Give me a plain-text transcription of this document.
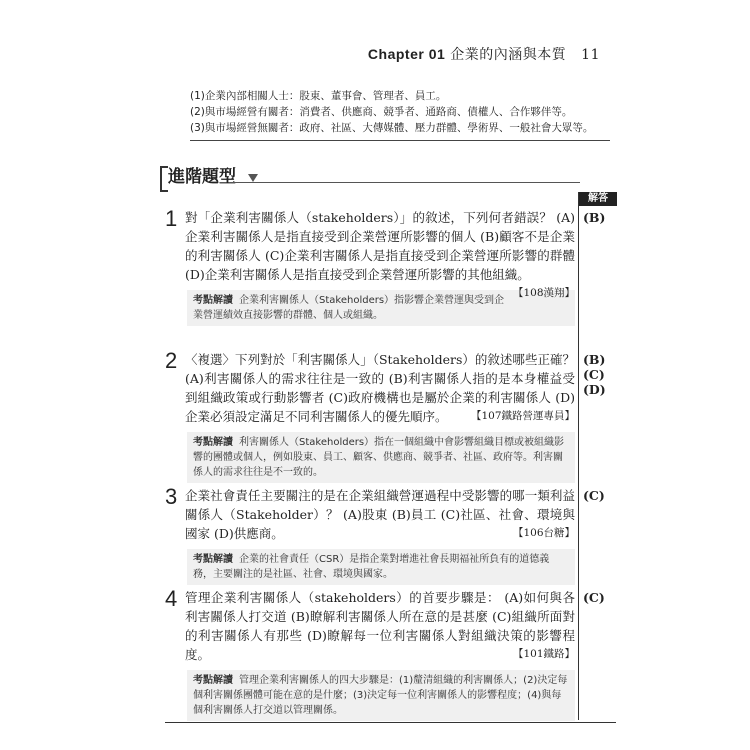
Chapter 01 企業的內涵與本質 11
(1)企業內部相關人士：股東、董事會、管理者、員工。
(2)與市場經營有關者：消費者、供應商、競爭者、通路商、債權人、合作夥伴等。
(3)與市場經營無關者：政府、社區、大傳媒體、壓力群體、學術界、一般社會大眾等。
進階題型
解答
1 對「企業利害關係人（stakeholders）」的敘述，下列何者錯誤？ (A)企業利害關係人是指直接受到企業營運所影響的個人 (B)顧客不是企業的利害關係人 (C)企業利害關係人是指直接受到企業營運所影響的群體 (D)企業利害關係人是指直接受到企業營運所影響的其他組織。
【108漢翔】
考點解讀 企業利害關係人（Stakeholders）指影響企業營運與受到企業營運績效直接影響的群體、個人或組織。
(B)
2 〈複選〉下列對於「利害關係人」（Stakeholders）的敘述哪些正確？ (A)利害關係人的需求往往是一致的 (B)利害關係人指的是本身權益受到組織政策或行動影響者 (C)政府機構也是屬於企業的利害關係人 (D)企業必須設定滿足不同利害關係人的優先順序。 【107鐵路營運專員】
考點解讀 利害關係人（Stakeholders）指在一個組織中會影響組織目標或被組織影響的團體或個人，例如股東、員工、顧客、供應商、競爭者、社區、政府等。利害關係人的需求往往是不一致的。
(B)
(C)
(D)
3 企業社會責任主要關注的是在企業組織營運過程中受影響的哪一類利益關係人（Stakeholder）？ (A)股東 (B)員工 (C)社區、社會、環境與國家 (D)供應商。	【106台糖】
考點解讀 企業的社會責任（CSR）是指企業對增進社會長期福祉所負有的道德義務，主要關注的是社區、社會、環境與國家。
(C)
4 管理企業利害關係人（stakeholders）的首要步驟是： (A)如何與各利害關係人打交道 (B)瞭解利害關係人所在意的是甚麼 (C)組織所面對的利害關係人有那些 (D)瞭解每一位利害關係人對組織決策的影響程度。	【101鐵路】
考點解讀 管理企業利害關係人的四大步驟是：(1)釐清組織的利害關係人；(2)決定每個利害關係團體可能在意的是什麼；(3)決定每一位利害關係人的影響程度；(4)與每個利害關係人打交道以管理關係。
(C)
